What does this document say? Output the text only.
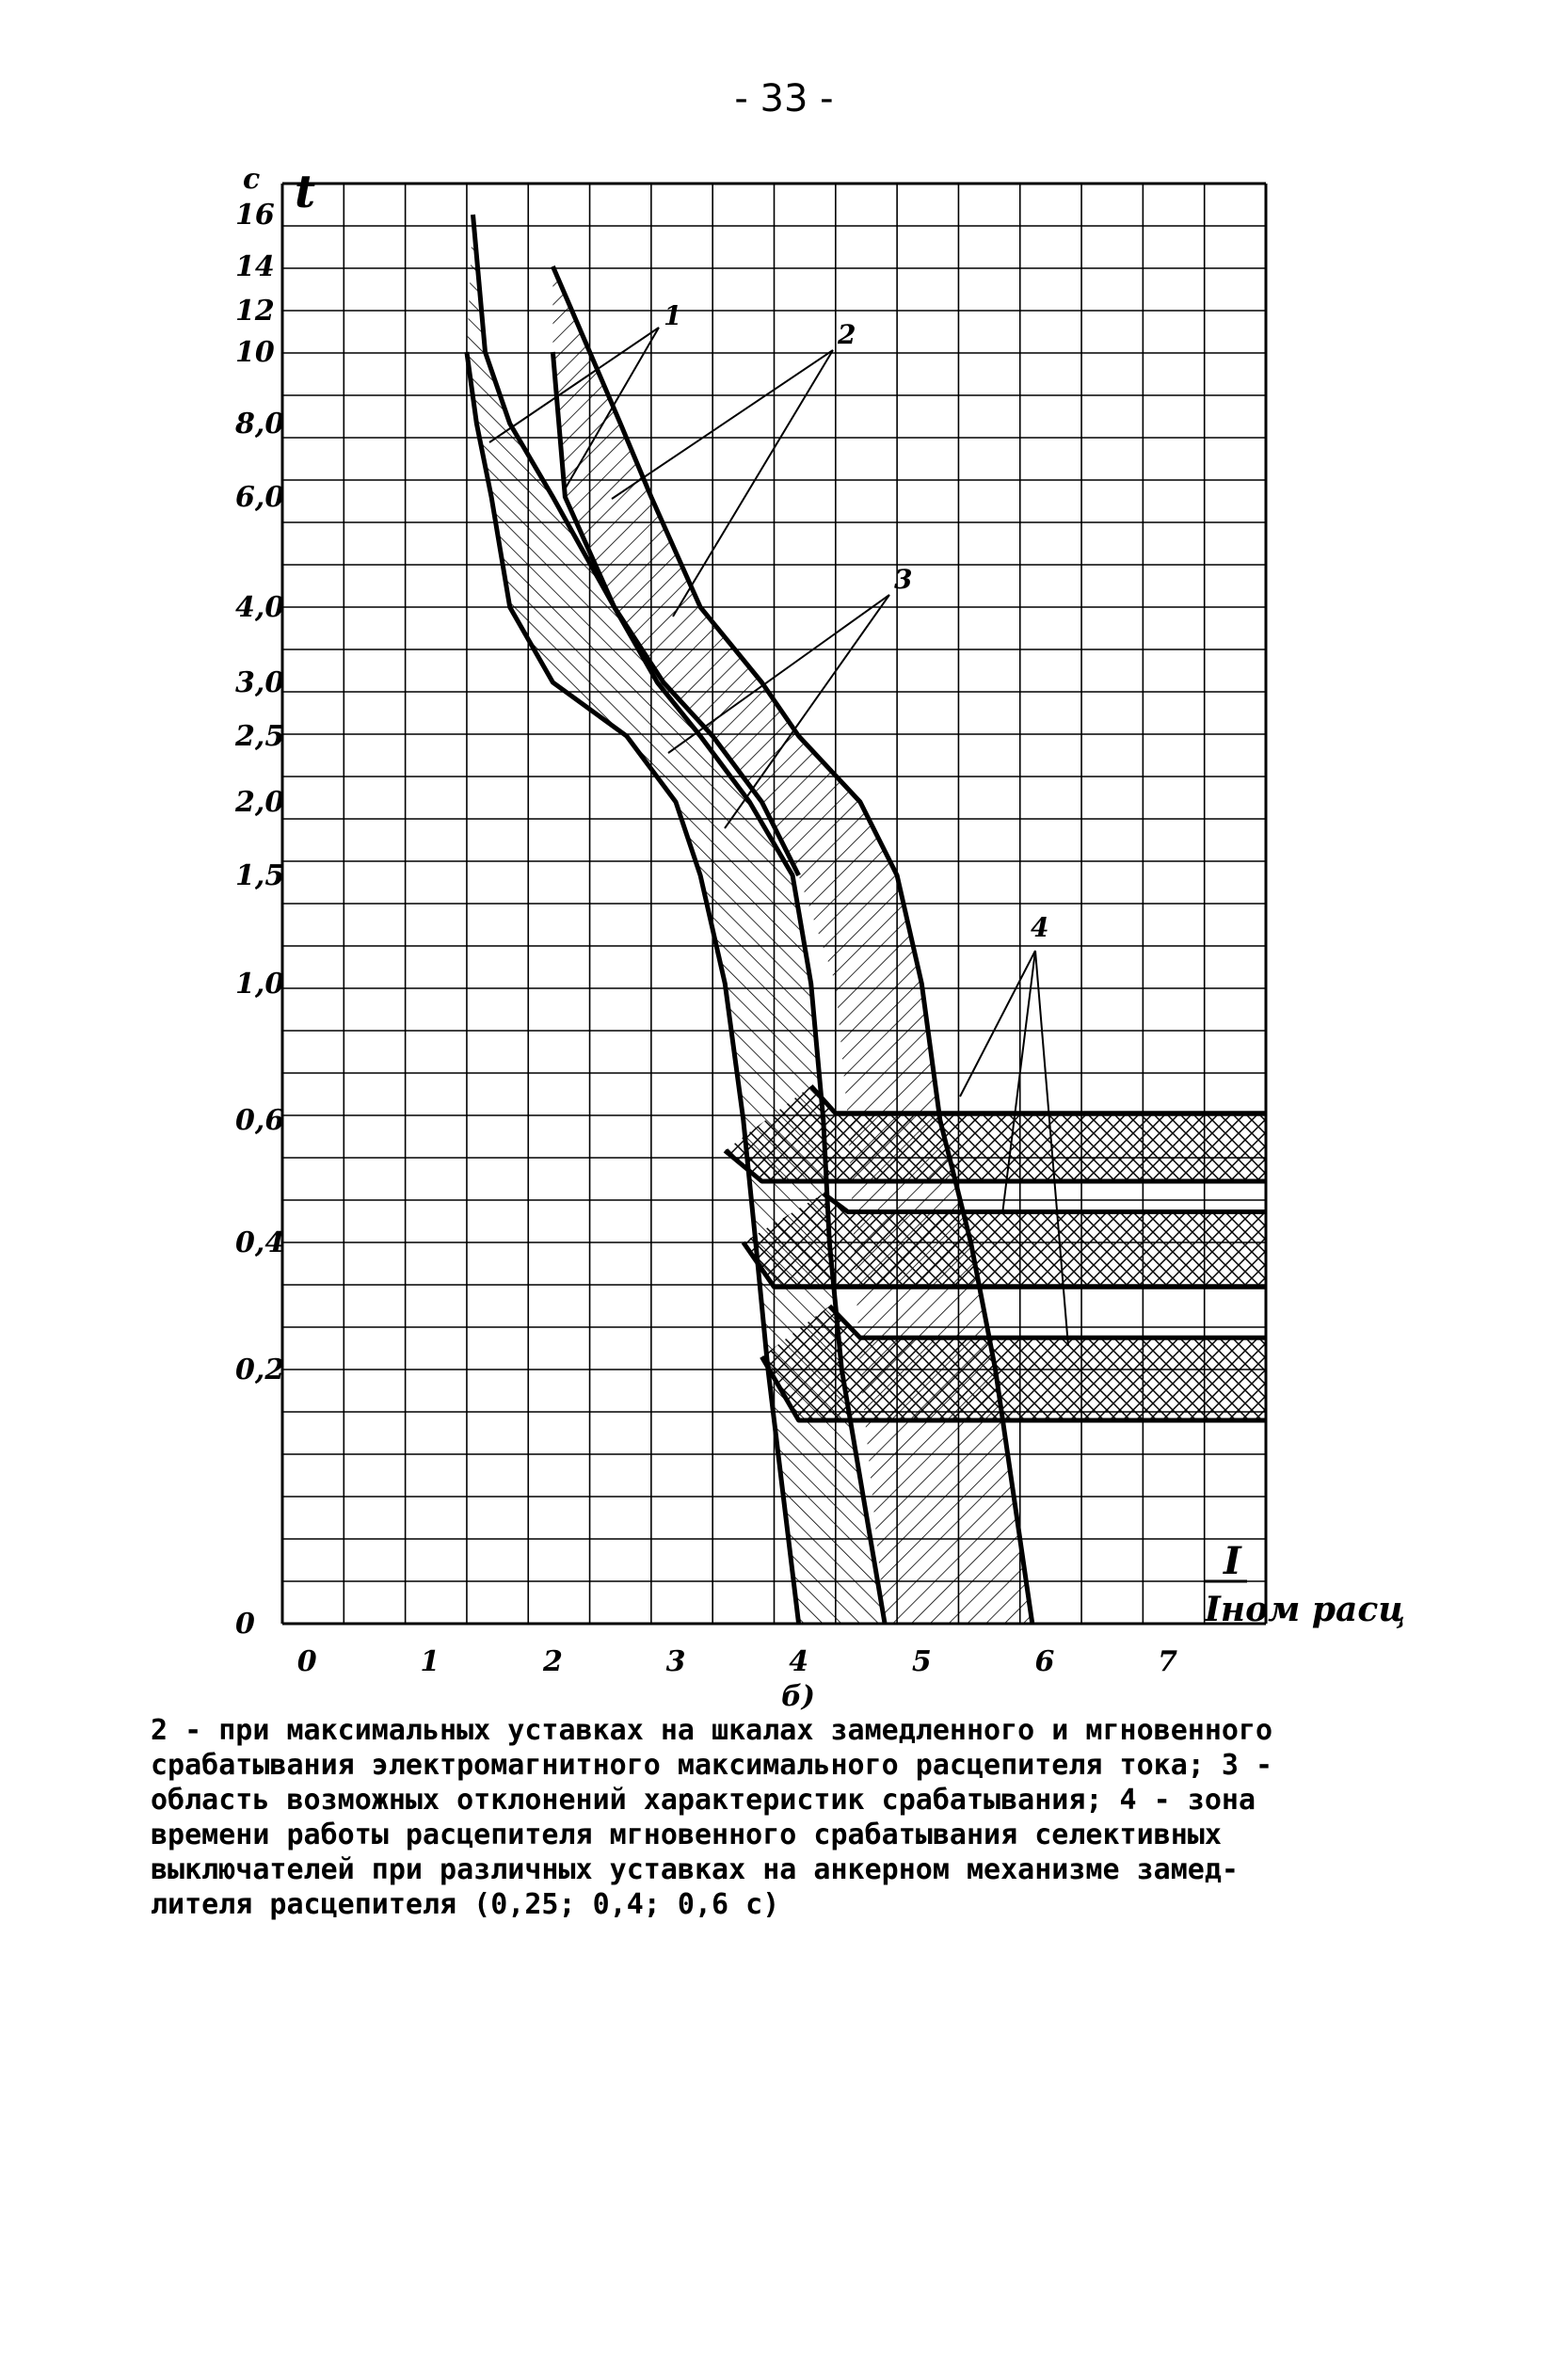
- 33 -
1
2
3
4
16
14
12
10
8,0
6,0
4,0
3,0
2,5
2,0
1,5
1,0
0,6
0,4
0,2
0
c t
0	1	2	3	4	5	6	7
I
Iном расц
б)
2 - при максимальных уставках на шкалах замедленного и мгновенного
срабатывания электромагнитного максимального расцепителя тока; 3 -
область возможных отклонений характеристик срабатывания; 4 - зона
времени работы расцепителя мгновенного срабатывания селективных
выключателей при различных уставках на анкерном механизме замед-
лителя расцепителя (0,25; 0,4; 0,6 с)
